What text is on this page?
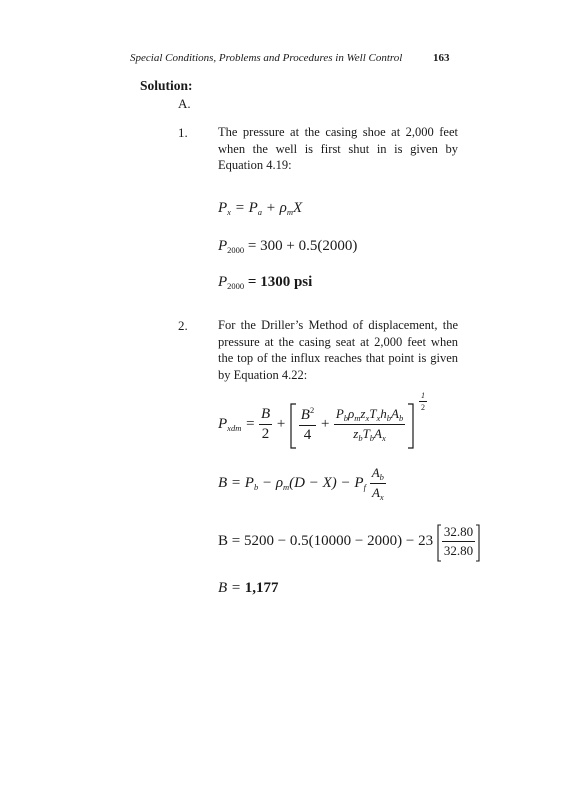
Special Conditions, Problems and Procedures in Well Control	163
Solution:
A.
1. The pressure at the casing shoe at 2,000 feet when the well is first shut in is given by Equation 4.19:
$P_x = P_a + \rho_mX$
$P_{2000} = 300 + 0.5(2000)$
$P_{2000} = 1300$ psi
2. For the Driller’s Method of displacement, the pressure at the casing seat at 2,000 feet when the top of the influx reaches that point is given by Equation 4.22:
$P_{xdm} = \frac{B}{2} + \frac{B^2}{4} + \frac{P_b\rho_mz_xT_xh_bA_b}{z_bT_bA_x}$

$\frac{1}{2}$
$B = P_b - \rho_m(D - X) - P_f \frac{A_b}{A_x}$
$B = 5200 - 0.5(10000 - 2000) - 23 \frac{32.80}{32.80}$
B = 1,177
